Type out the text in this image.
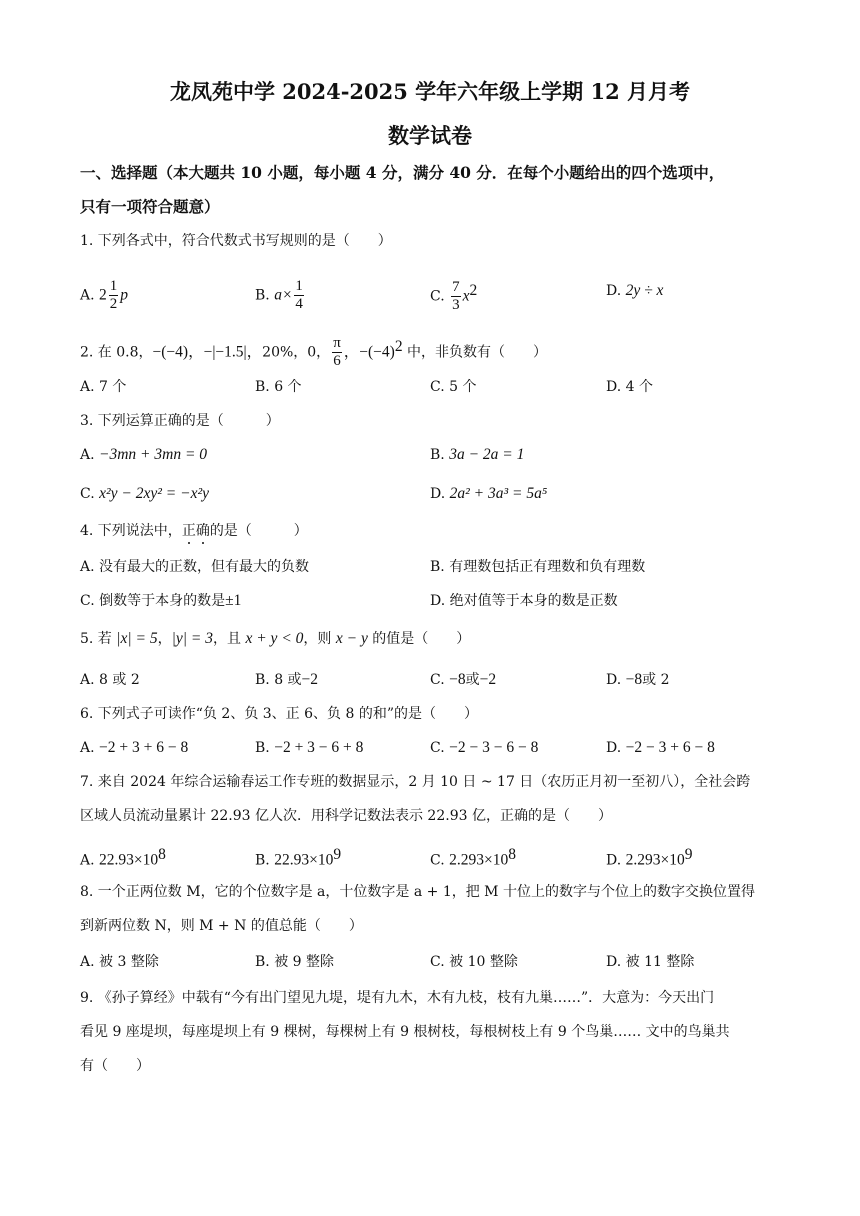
龙凤苑中学 2024-2025 学年六年级上学期 12 月月考
数学试卷
一、选择题（本大题共 10 小题，每小题 4 分，满分 40 分．在每个小题给出的四个选项中，
只有一项符合题意）
1. 下列各式中，符合代数式书写规则的是（　　）
A. $2 \frac{1}{2}$ p	B. $a\times \frac{1}{4}$	C. $\frac{7}{3} x^2$	D. 2y ÷ x
2. 在 0.8，−(−4)，−|−1.5|，20%，0， $\frac{\pi}{6}$ ，$-(-4)^2$ 中，非负数有（　　）
A. 7 个	B. 6 个	C. 5 个	D. 4 个
3. 下列运算正确的是（　　　）
A. −3mn + 3mn = 0	B. 3a − 2a = 1
C. x²y − 2xy² = −x²y	D. 2a² + 3a³ = 5a⁵
4. 下列说法中，正确的是（　　　）
A. 没有最大的正数，但有最大的负数	B. 有理数包括正有理数和负有理数
C. 倒数等于本身的数是±1	D. 绝对值等于本身的数是正数
5. 若 |x| = 5，|y| = 3，且 x + y < 0，则 x − y 的值是（　　）
A. 8 或 2	B. 8 或−2	C. −8或−2	D. −8或 2
6. 下列式子可读作“负 2、负 3、正 6、负 8 的和”的是（　　）
A. −2 + 3 + 6 − 8	B. −2 + 3 − 6 + 8	C. −2 − 3 − 6 − 8	D. −2 − 3 + 6 − 8
7. 来自 2024 年综合运输春运工作专班的数据显示，2 月 10 日 ~ 17 日（农历正月初一至初八），全社会跨
区域人员流动量累计 22.93 亿人次．用科学记数法表示 22.93 亿，正确的是（　　）
A. $22.93\times 10^8$	B. $22.93\times 10^9$	C. $2.293\times 10^8$	D. $2.293\times 10^9$
8. 一个正两位数 M，它的个位数字是 a，十位数字是 a + 1，把 M 十位上的数字与个位上的数字交换位置得
到新两位数 N，则 M + N 的值总能（　　）
A. 被 3 整除	B. 被 9 整除	C. 被 10 整除	D. 被 11 整除
9. 《孙子算经》中载有“今有出门望见九堤，堤有九木，木有九枝，枝有九巢……”．大意为：今天出门
看见 9 座堤坝，每座堤坝上有 9 棵树，每棵树上有 9 根树枝，每根树枝上有 9 个鸟巢…… 文中的鸟巢共
有（　　）
